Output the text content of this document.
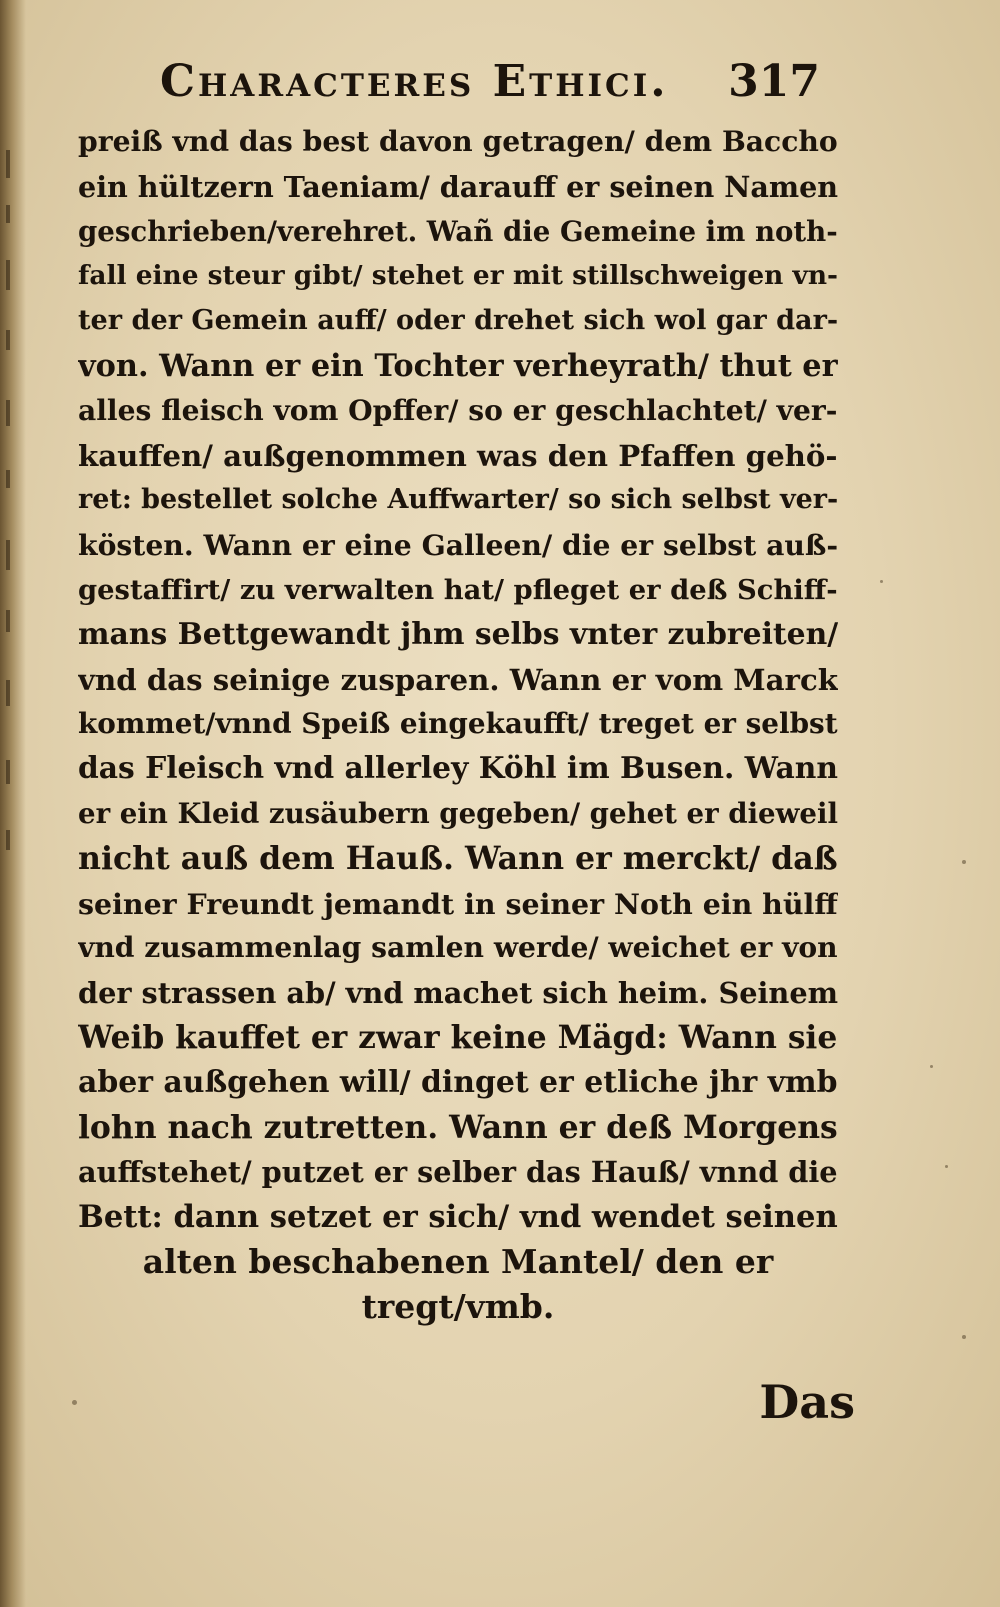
Characteres Ethici. 317
preiß vnd das best davon getragen/ dem Baccho
ein hültzern Taeniam/ darauff er seinen Namen
geschrieben/verehret. Wañ die Gemeine im noth-
fall eine steur gibt/ stehet er mit stillschweigen vn-
ter der Gemein auff/ oder drehet sich wol gar dar-
von. Wann er ein Tochter verheyrath/ thut er
alles fleisch vom Opffer/ so er geschlachtet/ ver-
kauffen/ außgenommen was den Pfaffen gehö-
ret: bestellet solche Auffwarter/ so sich selbst ver-
kösten. Wann er eine Galleen/ die er selbst auß-
gestaffirt/ zu verwalten hat/ pfleget er deß Schiff-
mans Bettgewandt jhm selbs vnter zubreiten/
vnd das seinige zusparen. Wann er vom Marck
kommet/vnnd Speiß eingekaufft/ treget er selbst
das Fleisch vnd allerley Köhl im Busen. Wann
er ein Kleid zusäubern gegeben/ gehet er dieweil
nicht auß dem Hauß. Wann er merckt/ daß
seiner Freundt jemandt in seiner Noth ein hülff
vnd zusammenlag samlen werde/ weichet er von
der strassen ab/ vnd machet sich heim. Seinem
Weib kauffet er zwar keine Mägd: Wann sie
aber außgehen will/ dinget er etliche jhr vmb
lohn nach zutretten. Wann er deß Morgens
auffstehet/ putzet er selber das Hauß/ vnnd die
Bett: dann setzet er sich/ vnd wendet seinen
alten beschabenen Mantel/ den er
tregt/vmb.
Das
